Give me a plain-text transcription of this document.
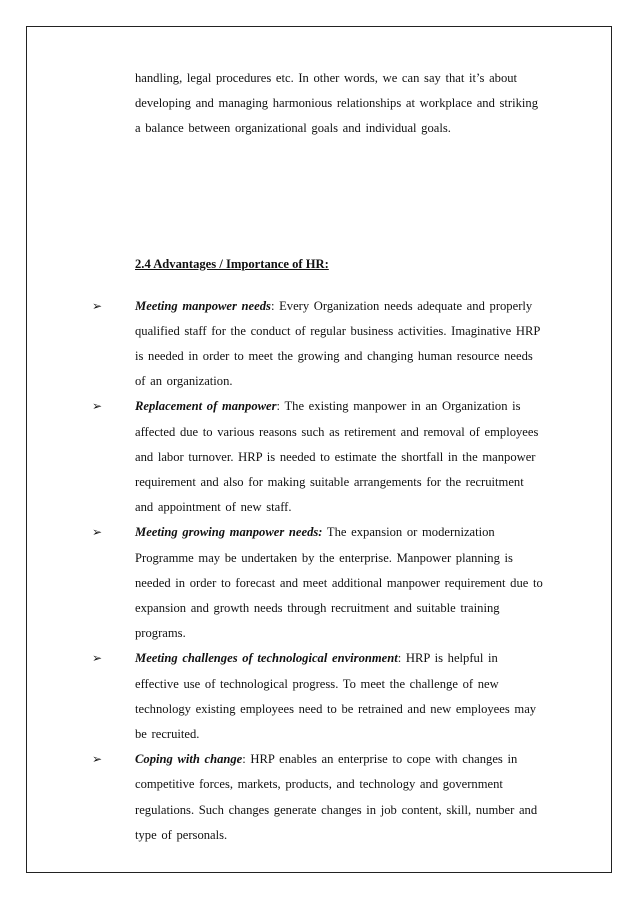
handling, legal procedures etc. In other words, we can say that it’s about developing and managing harmonious relationships at workplace and striking a balance between organizational goals and individual goals.

2.4 Advantages / Importance of HR:
➢	Meeting manpower needs: Every Organization needs adequate and properly qualified staff for the conduct of regular business activities. Imaginative HRP is needed in order to meet the growing and changing human resource needs of an organization.
➢	Replacement of manpower: The existing manpower in an Organization is affected due to various reasons such as retirement and removal of employees and labor turnover. HRP is needed to estimate the shortfall in the manpower requirement and also for making suitable arrangements for the recruitment and appointment of new staff.
➢	Meeting growing manpower needs: The expansion or modernization Programme may be undertaken by the enterprise. Manpower planning is needed in order to forecast and meet additional manpower requirement due to expansion and growth needs through recruitment and suitable training programs.
➢	Meeting challenges of technological environment: HRP is helpful in effective use of technological progress. To meet the challenge of new technology existing employees need to be retrained and new employees may be recruited.
➢	Coping with change: HRP enables an enterprise to cope with changes in competitive forces, markets, products, and technology and government regulations. Such changes generate changes in job content, skill, number and type of personals.
